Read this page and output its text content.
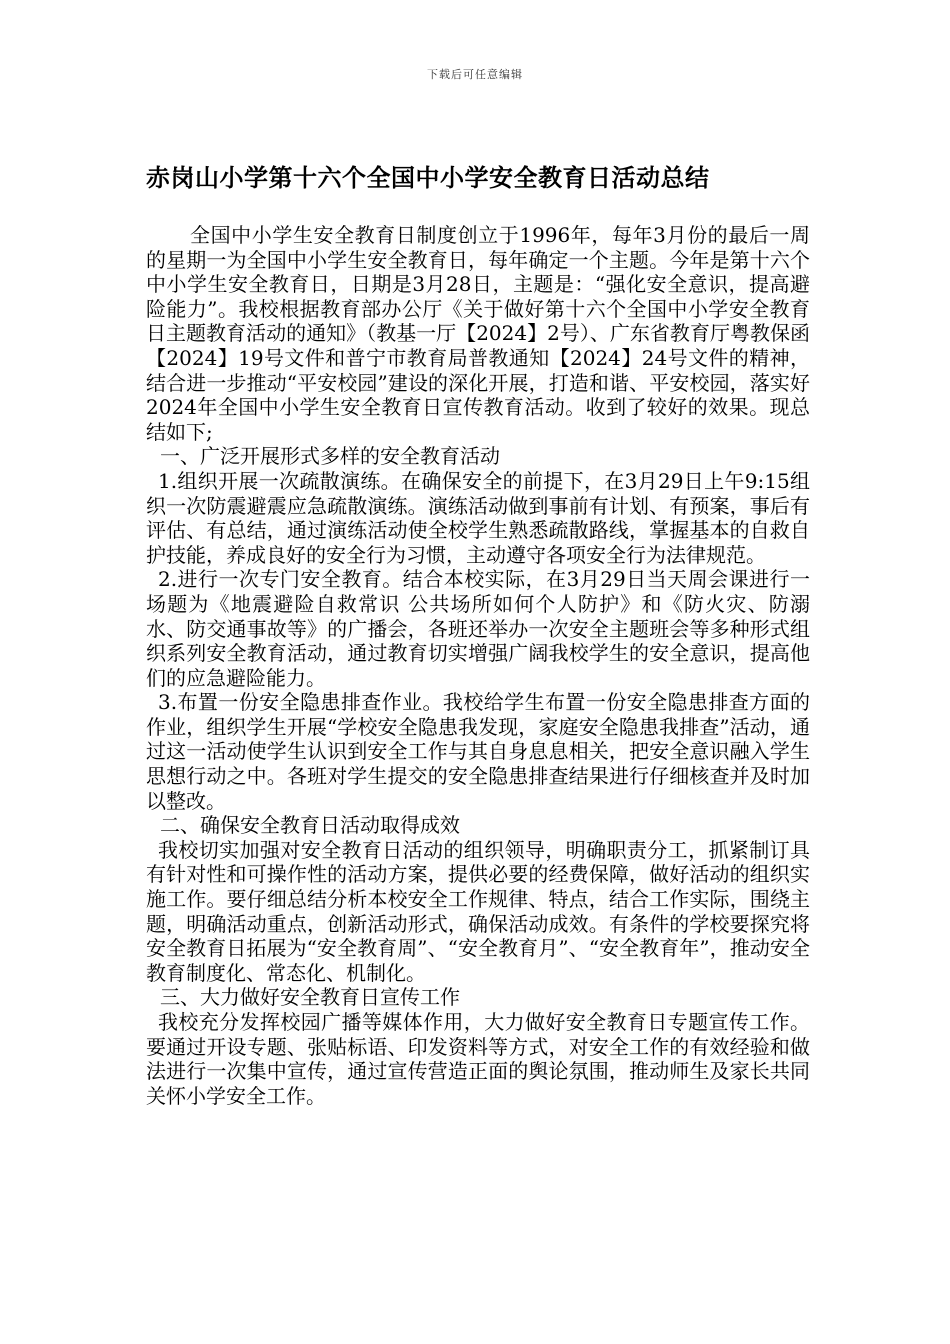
下载后可任意编辑
赤岗山小学第十六个全国中小学安全教育日活动总结

全国中小学生安全教育日制度创立于1996年，每年3月份的最后一周的星期一为全国中小学生安全教育日，每年确定一个主题。今年是第十六个中小学生安全教育日，日期是3月28日，主题是：“强化安全意识，提高避险能力”。我校根据教育部办公厅《关于做好第十六个全国中小学安全教育日主题教育活动的通知》（教基一厅【2024】2号）、广东省教育厅粤教保函【2024】19号文件和普宁市教育局普教通知【2024】24号文件的精神，结合进一步推动“平安校园”建设的深化开展，打造和谐、平安校园，落实好2024年全国中小学生安全教育日宣传教育活动。收到了较好的效果。现总结如下;

一、广泛开展形式多样的安全教育活动

1.组织开展一次疏散演练。在确保安全的前提下，在3月29日上午9:15组织一次防震避震应急疏散演练。演练活动做到事前有计划、有预案，事后有评估、有总结，通过演练活动使全校学生熟悉疏散路线，掌握基本的自救自护技能，养成良好的安全行为习惯，主动遵守各项安全行为法律规范。

2.进行一次专门安全教育。结合本校实际，在3月29日当天周会课进行一场题为《地震避险自救常识 公共场所如何个人防护》和《防火灾、防溺水、防交通事故等》的广播会，各班还举办一次安全主题班会等多种形式组织系列安全教育活动，通过教育切实增强广阔我校学生的安全意识，提高他们的应急避险能力。

3.布置一份安全隐患排查作业。我校给学生布置一份安全隐患排查方面的作业，组织学生开展“学校安全隐患我发现，家庭安全隐患我排查”活动，通过这一活动使学生认识到安全工作与其自身息息相关，把安全意识融入学生思想行动之中。各班对学生提交的安全隐患排查结果进行仔细核查并及时加以整改。

二、确保安全教育日活动取得成效

我校切实加强对安全教育日活动的组织领导，明确职责分工，抓紧制订具有针对性和可操作性的活动方案，提供必要的经费保障，做好活动的组织实施工作。要仔细总结分析本校安全工作规律、特点，结合工作实际，围绕主题，明确活动重点，创新活动形式，确保活动成效。有条件的学校要探究将安全教育日拓展为“安全教育周”、“安全教育月”、“安全教育年”，推动安全教育制度化、常态化、机制化。

三、大力做好安全教育日宣传工作

我校充分发挥校园广播等媒体作用，大力做好安全教育日专题宣传工作。要通过开设专题、张贴标语、印发资料等方式，对安全工作的有效经验和做法进行一次集中宣传，通过宣传营造正面的舆论氛围，推动师生及家长共同关怀小学安全工作。
